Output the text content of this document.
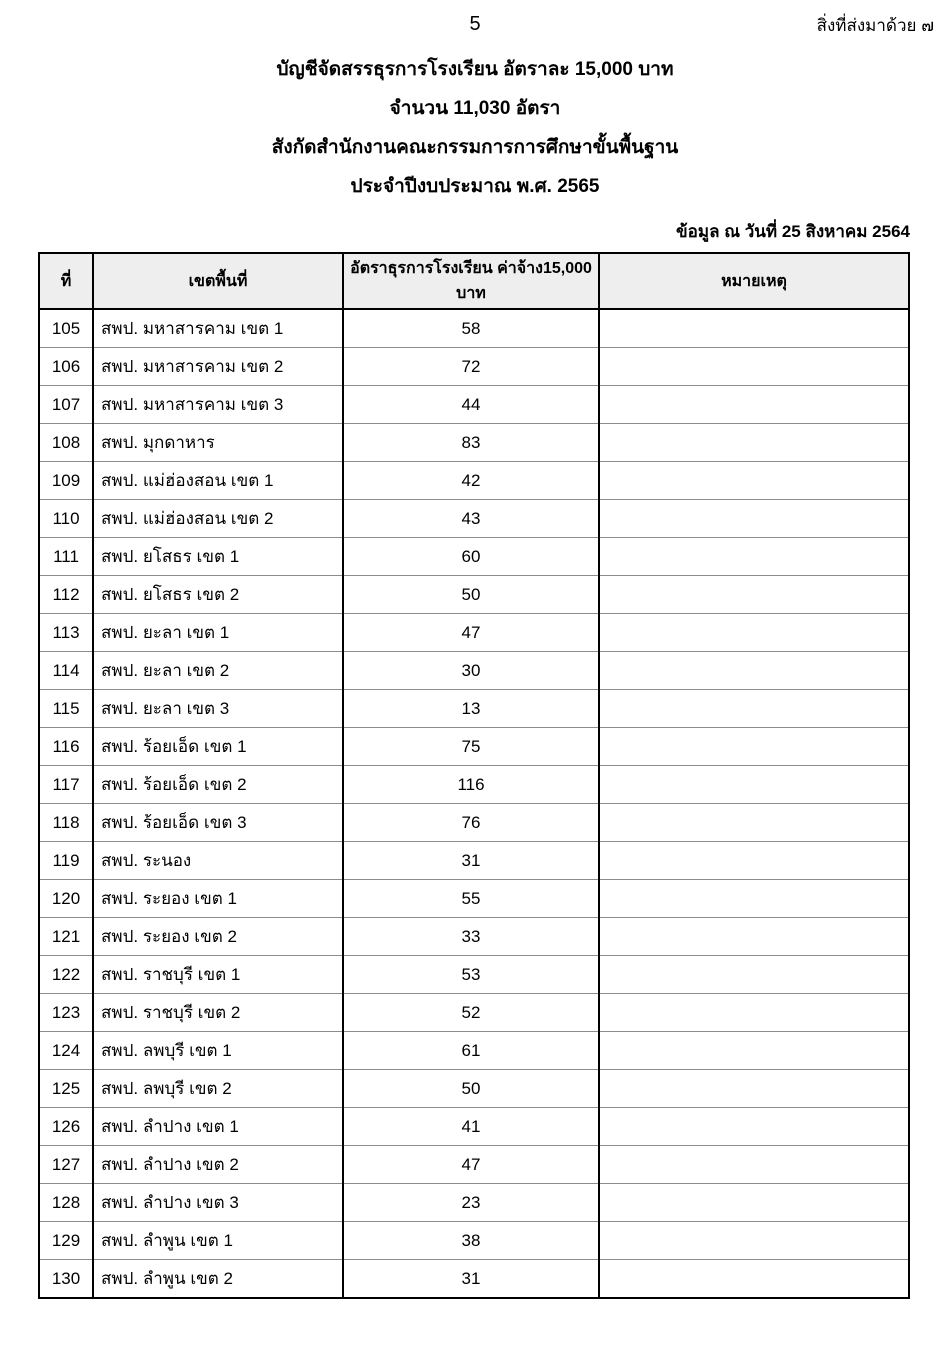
5	สิ่งที่ส่งมาด้วย ๗
บัญชีจัดสรรธุรการโรงเรียน อัตราละ 15,000 บาท
จำนวน 11,030 อัตรา
สังกัดสำนักงานคณะกรรมการการศึกษาขั้นพื้นฐาน
ประจำปีงบประมาณ พ.ศ. 2565
ข้อมูล ณ วันที่ 25 สิงหาคม 2564
ที่	เขตพื้นที่	อัตราธุรการโรงเรียน ค่าจ้าง15,000 บาท	หมายเหตุ
105	สพป. มหาสารคาม เขต 1	58	
106	สพป. มหาสารคาม เขต 2	72	
107	สพป. มหาสารคาม เขต 3	44	
108	สพป. มุกดาหาร	83	
109	สพป. แม่ฮ่องสอน เขต 1	42	
110	สพป. แม่ฮ่องสอน เขต 2	43	
111	สพป. ยโสธร เขต 1	60	
112	สพป. ยโสธร เขต 2	50	
113	สพป. ยะลา เขต 1	47	
114	สพป. ยะลา เขต 2	30	
115	สพป. ยะลา เขต 3	13	
116	สพป. ร้อยเอ็ด เขต 1	75	
117	สพป. ร้อยเอ็ด เขต 2	116	
118	สพป. ร้อยเอ็ด เขต 3	76	
119	สพป. ระนอง	31	
120	สพป. ระยอง เขต 1	55	
121	สพป. ระยอง เขต 2	33	
122	สพป. ราชบุรี เขต 1	53	
123	สพป. ราชบุรี เขต 2	52	
124	สพป. ลพบุรี เขต 1	61	
125	สพป. ลพบุรี เขต 2	50	
126	สพป. ลำปาง เขต 1	41	
127	สพป. ลำปาง เขต 2	47	
128	สพป. ลำปาง เขต 3	23	
129	สพป. ลำพูน เขต 1	38	
130	สพป. ลำพูน เขต 2	31	
